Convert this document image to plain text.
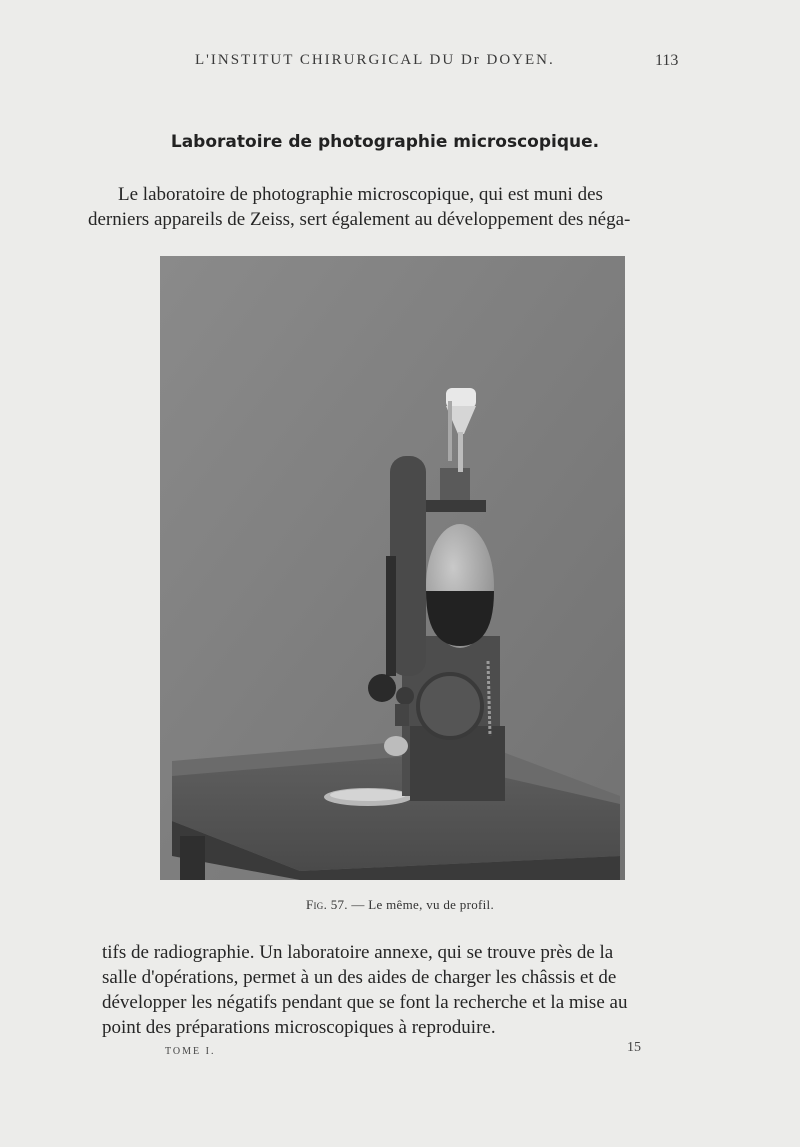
L'INSTITUT CHIRURGICAL DU Dr DOYEN.	113
Laboratoire de photographie microscopique.
Le laboratoire de photographie microscopique, qui est muni des
derniers appareils de Zeiss, sert également au développement des néga-
Fig. 57. — Le même, vu de profil.
tifs de radiographie. Un laboratoire annexe, qui se trouve près de la
salle d'opérations, permet à un des aides de charger les châssis et de
développer les négatifs pendant que se font la recherche et la mise au
point des préparations microscopiques à reproduire.
TOME I.	15
